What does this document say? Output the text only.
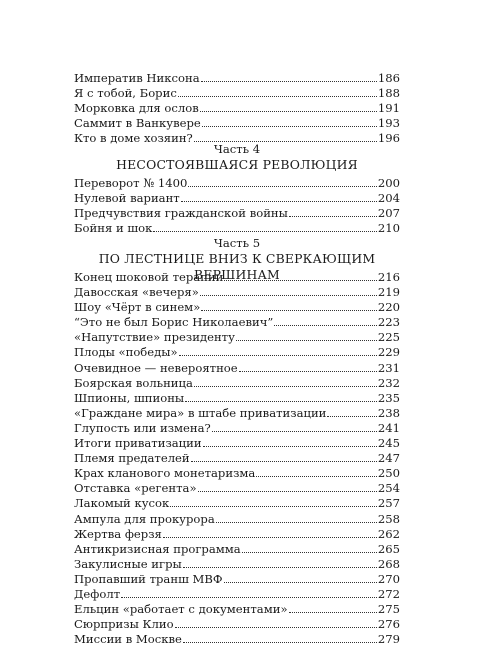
Императив Никсона	186
Я с тобой, Борис	188
Морковка для ослов	191
Саммит в Ванкувере	193
Кто в доме хозяин?	196
Часть 4
НЕСОСТОЯВШАЯСЯ РЕВОЛЮЦИЯ
Переворот № 1400	200
Нулевой вариант	204
Предчувствия гражданской войны	207
Бойня и шок	210
Часть 5
ПО ЛЕСТНИЦЕ ВНИЗ К СВЕРКАЮЩИМ ВЕРШИНАМ
Конец шоковой терапии	216
Давосская «вечеря»	219
Шоу «Чёрт в синем»	220
“Это не был Борис Николаевич”	223
«Напутствие» президенту	225
Плоды «победы»	229
Очевидное — невероятное	231
Боярская вольница	232
Шпионы, шпионы	235
«Граждане мира» в штабе приватизации	238
Глупость или измена?	241
Итоги приватизации	245
Племя предателей	247
Крах кланового монетаризма	250
Отставка «регента»	254
Лакомый кусок	257
Ампула для прокурора	258
Жертва ферзя	262
Антикризисная программа	265
Закулисные игры	268
Пропавший транш МВФ	270
Дефолт	272
Ельцин «работает с документами»	275
Сюрпризы Клио	276
Миссии в Москве	279
